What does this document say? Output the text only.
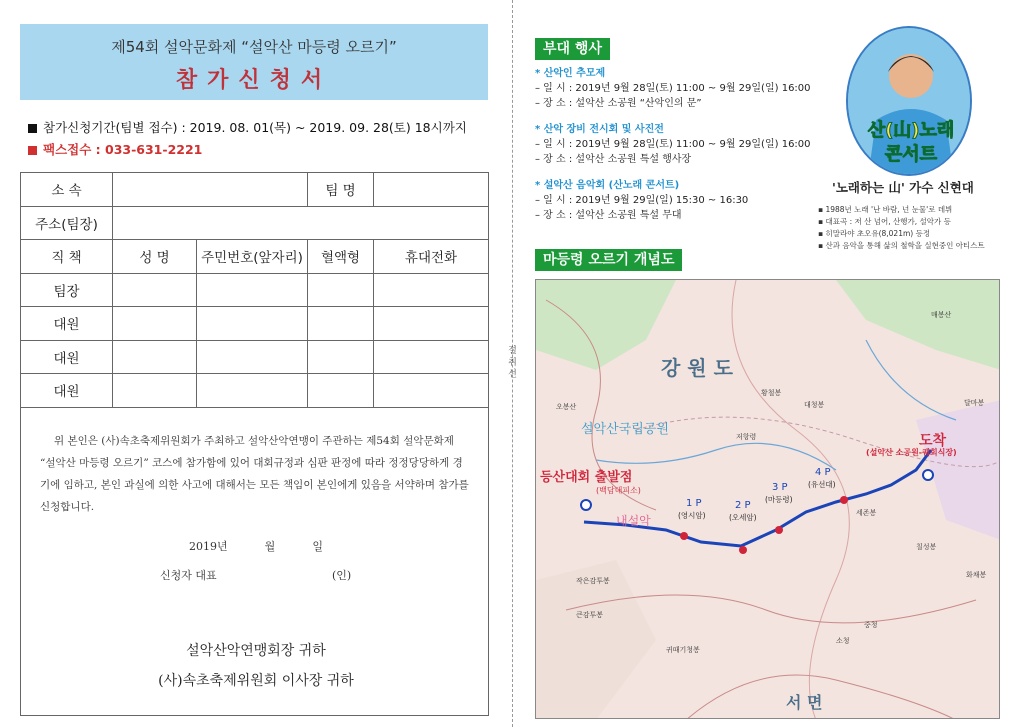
제54회 설악문화제 “설악산 마등령 오르기”
참가신청서
참가신청기간(팀별 접수) : 2019. 08. 01(목) ~ 2019. 09. 28(토) 18시까지
팩스접수 : 033-631-2221
소 속			팀 명	
주소(팀장)				
직 책	성 명	주민번호(앞자리)	혈액형	휴대전화
팀장				
대원				
대원				
대원				
위 본인은 (사)속초축제위원회가 주최하고 설악산악연맹이 주관하는 제54회 설악문화제 “설악산 마등령 오르기” 코스에 참가함에 있어 대회규정과 심판 판정에 따라 정정당당하게 경기에 임하고, 본인 과실에 의한 사고에 대해서는 모든 책임이 본인에게 있음을 서약하며 참가를 신청합니다.
2019년	월	일
신청자 대표	(인)
설악산악연맹회장 귀하
(사)속초축제위원회 이사장 귀하
절 취 선
부대 행사
* 산악인 추모제
– 일 시 : 2019년 9월 28일(토) 11:00 ~ 9월 29일(일) 16:00
– 장 소 : 설악산 소공원 “산악인의 문”
* 산악 장비 전시회 및 사진전
– 일 시 : 2019년 9월 28일(토) 11:00 ~ 9월 29일(일) 16:00
– 장 소 : 설악산 소공원 특설 행사장
* 설악산 음악회 (산노래 콘서트)
– 일 시 : 2019년 9월 29일(일) 15:30 ~ 16:30
– 장 소 : 설악산 소공원 특설 무대
산(山)노래
콘서트
'노래하는 山' 가수 신현대
▪ 1988년 노래 '난 바람, 넌 눈물'로 데뷔
▪ 대표곡 : 저 산 넘어, 산행가, 설악가 등
▪ 히말라야 초오유(8,021m) 등정
▪ 산과 음악을 통해 삶의 철학을 실현중인 아티스트
마등령 오르기 개념도
강 원 도
설악산국립공원
내설악
등산대회 출발점
(백담대피소)
도착
(설악산 소공원-퀘회식장)
1 P
(영시암)
2 P
(오세암)
3 P
(마등령)
4 P
(유선대)
서 면
대청봉
귀때기청봉
황철봉
저항령
세존봉
달마봉
화채봉
칠성봉
큰감투봉
작은감투봉
오봉산
매봉산
소청
중청
